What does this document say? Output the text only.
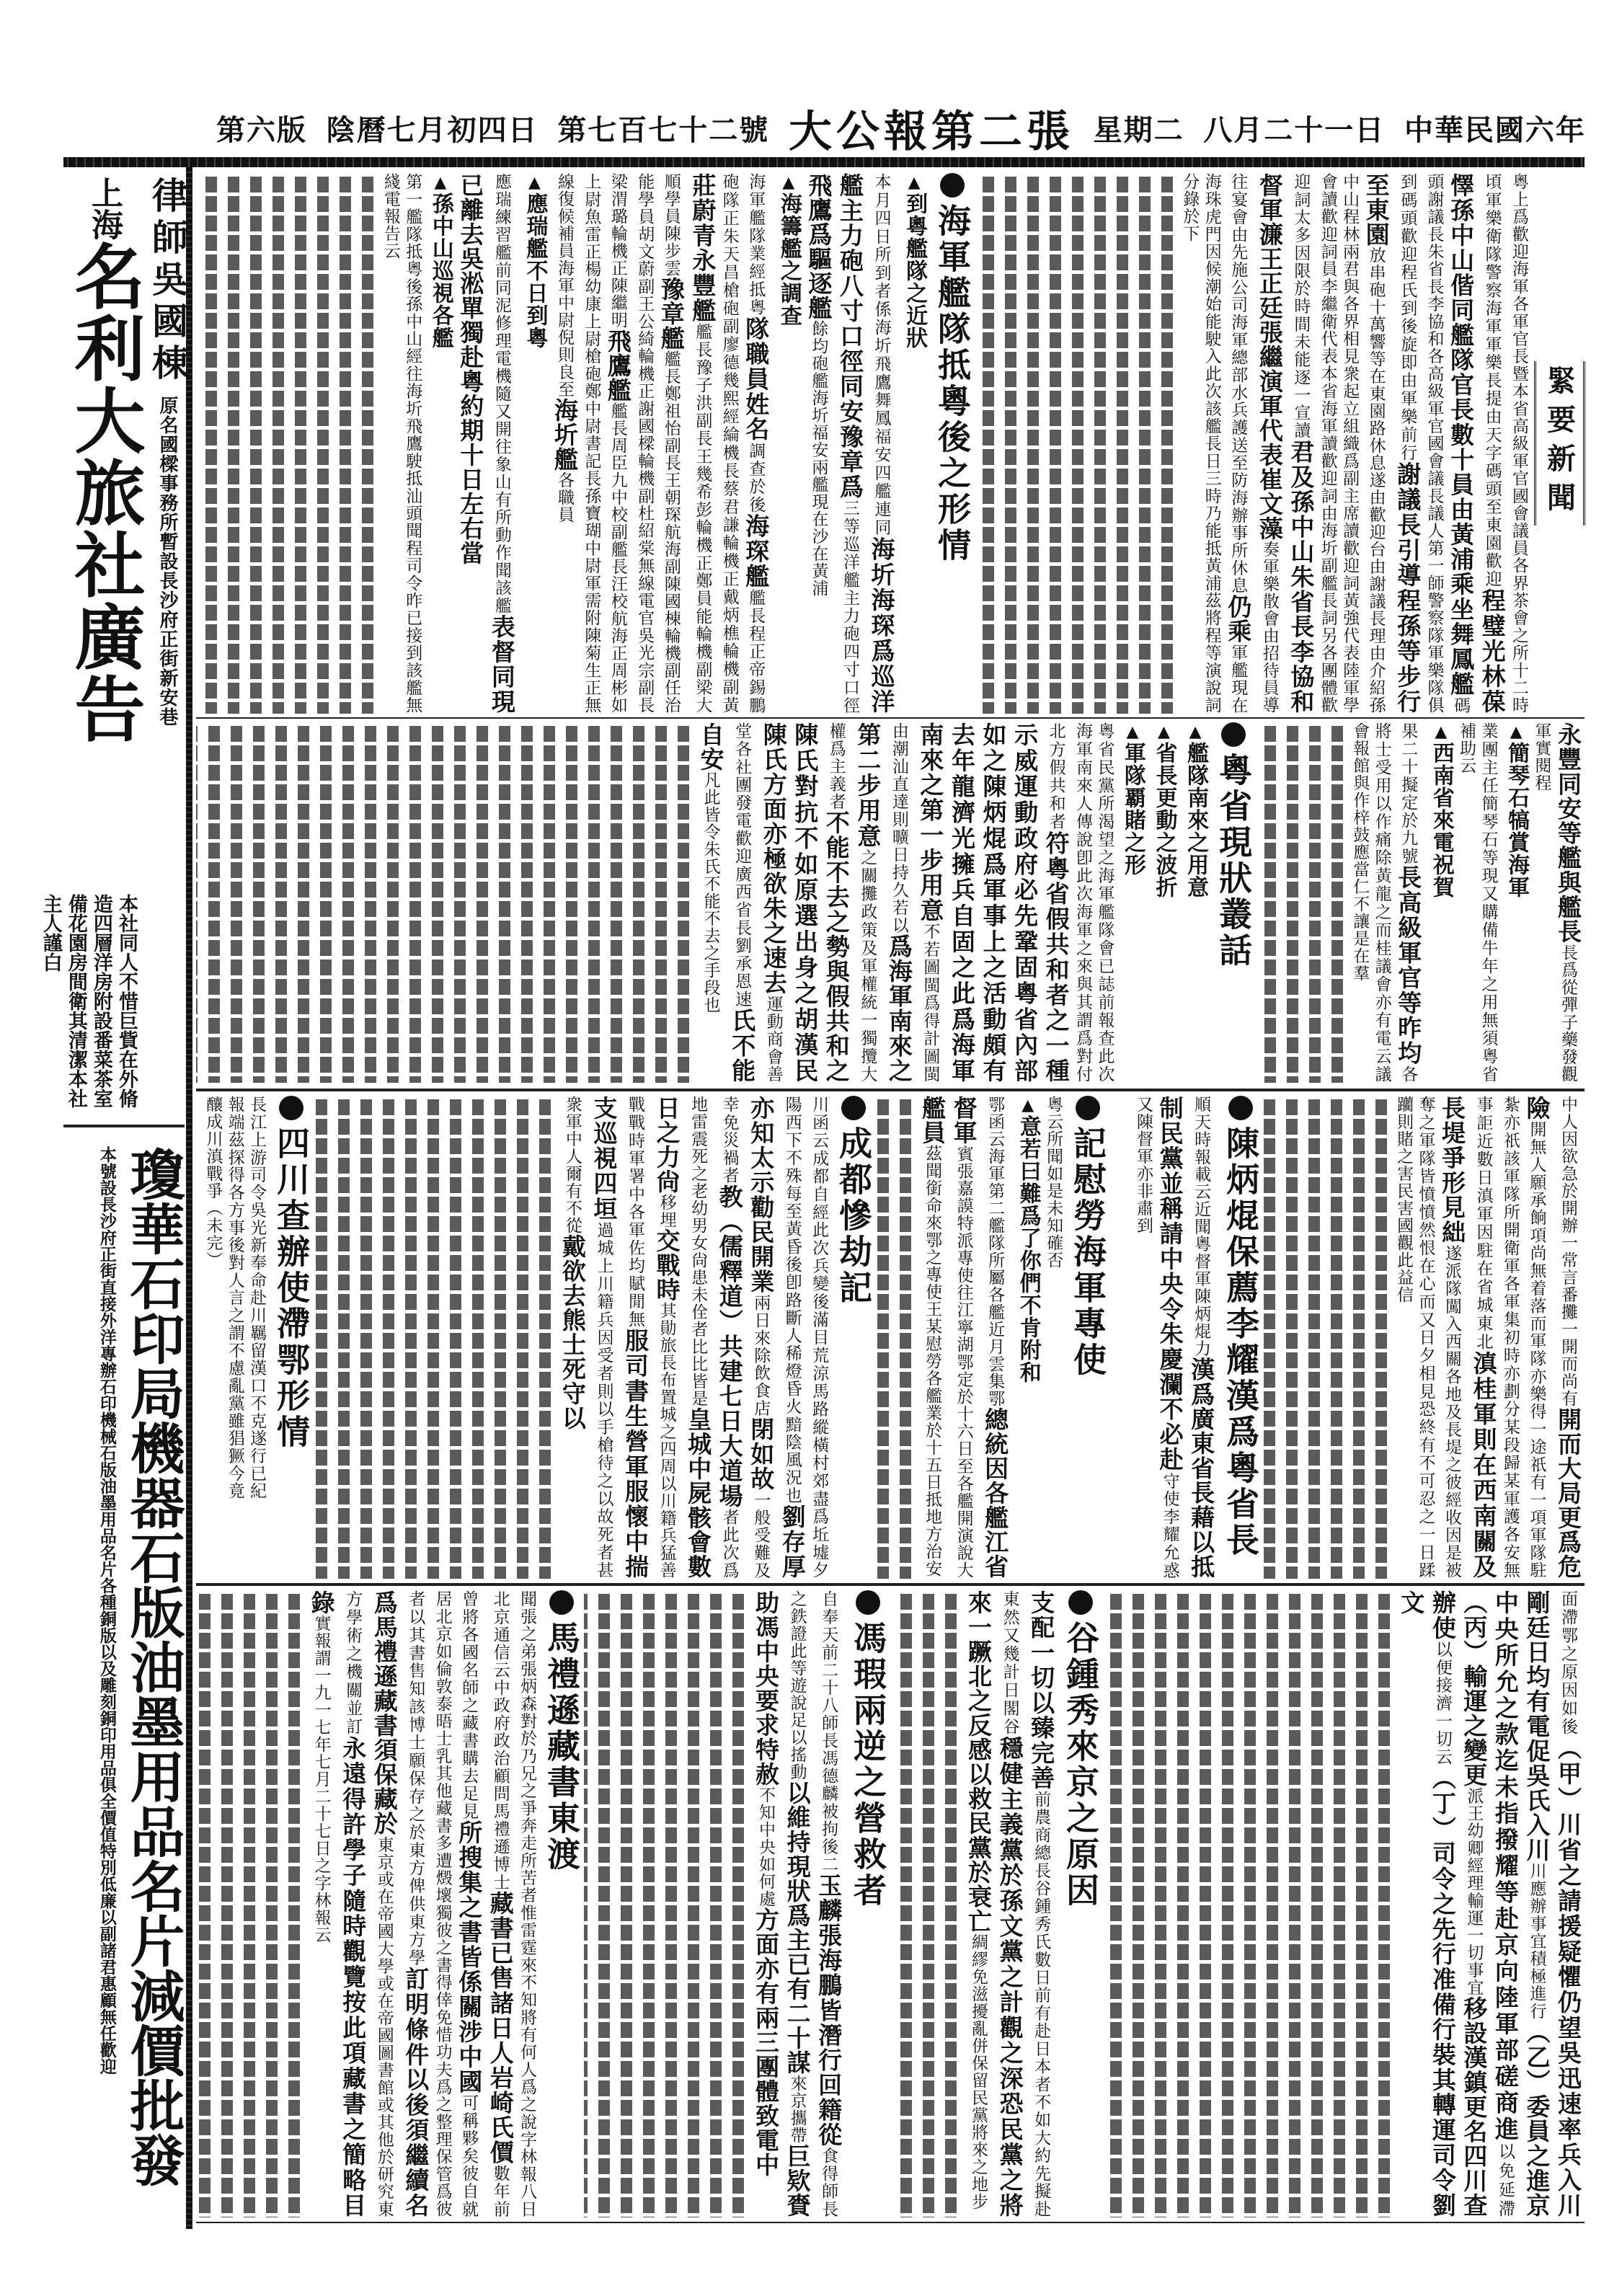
第六版 陰曆七月初四日 第七百七十二號 大公報第二張 星期二 八月二十一日 中華民國六年
律師吳國棟原名國樑事務所暫設長沙府正街新安巷
上海名利大旅社廣告
本社同人不惜巨貲在外脩造四層洋房附設番菜茶室備花園房間衛其清潔本社主人謹白
瓊華石印局機器石版油墨用品名片減價批發
本號設長沙府正街直接外洋專辦石印機械石版油墨用品名片各種銅版以及雕刻銅印用品俱全價值特別低廉以副諸君惠顧無任歡迎
緊要新聞
粵上爲歡迎海軍各軍官長暨本省高級軍官國會議員各界茶會之所十二時頃軍樂衛隊警察海軍軍樂長提由天字碼頭至東園歡迎程璧光林葆懌孫中山偕同艦隊官長數十員由黃浦乘坐舞鳳艦碼頭謝議長朱省長李協和各高級軍官國會議長議人第一師警察隊軍樂隊俱到碼頭歡迎程氏到後旋即由軍樂前行謝議長引導程孫等步行至東園放串砲十萬響等在東園路休息遂由歡迎台由謝議長理由介紹孫中山程林兩君與各界相見衆起立組織爲副主席讀歡迎詞黃強代表陸軍學會讀歡迎詞員李繼衛代表本省海軍讀歡迎詞由海圻副艦長詞另各團體歡迎詞太多因限於時間未能逐一宣讀君及孫中山朱省長李協和督軍濂王正廷張繼演軍代表崔文藻奏軍樂散會由招待員導往宴會由先施公司海軍總部水兵護送至防海辦事所休息仍乘軍艦現在海珠虎門因候潮始能駛入此次該艦長日三時乃能抵黃浦茲將程等演說詞分錄於下
海軍艦隊抵粵後之形情
▲ 到粵艦隊之近狀
本月四日所到者係海圻飛鷹舞鳳福安四艦連同海圻海琛爲巡洋艦主力砲八寸口徑同安豫章爲三等巡洋艦主力砲四寸口徑飛鷹爲驅逐艦餘均砲艦海圻福安兩艦現在沙在黃浦
▲ 海籌艦之調查
海軍艦隊業經抵粵隊職員姓名調查於後海琛艦艦長程正帝錫鵬砲隊正朱天昌槍砲副廖德幾熙經綸機長蔡君謙輪機正戴炳樵輪機副黃莊蔚青永豐艦艦長豫子洪副長王幾希彭輪機正鄭員能輪機副梁大順學員陳步雲豫章艦艦長鄭祖怡副長王朝琛航海副陳國棟輪機副任治能學員胡文蔚副王公綺輪機正謝國樑輪機副杜紹棠無線電官吳光宗副長梁渭璐輪機正陳繼明飛鷹艦艦長周臣九中校副艦長汪校航海正周彬如上尉魚雷正楊幼康上尉槍砲鄭中尉書記長孫寶瑚中尉軍需附陳菊生正無線復候補員海軍中尉倪則良至海圻艦各職員
▲ 應瑞艦不日到粵
應瑞練習艦前同泥修理電機隨又開往象山有所動作聞該艦表督同現已離去吳淞單獨赴粵約期十日左右當
▲ 孫中山巡視各艦
第一艦隊抵粵後孫中山經往海圻飛鷹駛抵汕頭聞程司令昨已接到該艦無綫電報告云
永豐同安等艦與艦長長爲從彈子藥發觀軍實閱程
▲ 簡琴石犒賞海軍
業團主任簡琴石等現又購備牛年之用無須粵省補助云
▲ 西南省來電祝賀
果二十擬定於九號長高級軍官等昨均各將士受用以作痛除黃龍之而桂議會亦有電云議會報館與作梓鼓應當仁不讓是在羣
粵省現狀叢話
▲ 艦隊南來之用意
▲ 省長更動之波折
▲ 軍隊覇賭之形
粵省民黨所渴望之海軍艦隊會已誌前報查此次海軍南來人傳說卽此次海軍之來與其謂爲對付北方假共和者符粵省假共和者之一種示威運動政府必先鞏固粵省內部如之陳炳焜爲軍事上之活動頗有去年龍濟光擁兵自固之此爲海軍南來之第一步用意不若圖閩爲得計圖閩由潮汕直達則曠日持久若以爲海軍南來之第二步用意之關攤政策及軍權統一獨攬大權爲主義者不能不去之勢與假共和之陳氏對抗不如原選出身之胡漢民陳氏方面亦極欲朱之速去運動商會善堂各社團發電歡迎廣西省長劉承恩速氏不能自安凡此皆令朱氏不能不去之手段也
中人因欲急於開辦一常言番攤一開而尚有開而大局更爲危險開無人願承餉項尚無着落而軍隊亦樂得一途祇有一項軍隊駐紮亦祇該軍隊所開衛軍各軍集初時亦劃分某段歸某軍護各安無事詎近數日滇軍因駐在省城東北滇桂軍則在西南關及長堤爭形見絀遂派隊闖入西關各地及長堤之彼經收因是被奪之軍隊皆憤憤然恨在心而又日夕相見恐終有不可忍之一日蹂躪則賭之害民害國觀此益信
陳炳焜保薦李耀漢爲粵省長
順天時報載云近聞粵督軍陳炳焜力漢爲廣東省長藉以抵制民黨並稱請中央令朱慶瀾不必赴守使李耀允惑又陳督軍亦非肅到
記慰勞海軍專使
粵云所聞如是未知確否
▲ 意若曰難爲了你們不肯附和
鄂函云海軍第二艦隊所屬各艦近月雲集鄂總統因各艦江省督軍賓張嘉謨特派專使往江寧湖鄂定於十六日至各艦開演說大艦員茲聞銜命來鄂之專使王某慰勞各艦業於十五日抵地方治安
成都慘劫記
川函云成都自經此次兵變後滿目荒涼馬路縱橫村郊盡爲坵墟夕陽西下不殊每至黃昏後卽路斷人稀燈昏火黯陰風況也劉存厚亦知太示勸民開業兩日來除飲食店閉如故一般受難及幸免災禍者教（儒釋道）共建七日大道場者此次爲地雷震死之老幼男女尙患未佺者比比皆是皇城中屍骸會數日之力尙移埋交戰時其勛旅長布置城之四周以川籍兵猛善戰戰時軍署中各軍佐均賦閒無服司書生營軍服懷中揣支巡視四垣過城上川籍兵因受者則以手槍待之以故死者甚衆軍中人爾有不從戴欲去熊士死守以
四川查辦使滯鄂形情
長江上游司令吳光新奉命赴川羈留漢口不克遂行已紀報端茲探得各方事後對人言之謂不慮亂黨雖猖獗今竟釀成川滇戰爭（未完）
面滯鄂之原因如後（甲）川省之請援疑懼仍望吳迅速率兵入川剛廷日均有電促吳氏入川川應辦事宜積極進行（乙）委員之進京中央所允之款迄未指撥耀等赴京向陸軍部磋商進以免延滯（丙）輸運之變更派王幼卿經理輸運一切事宜移設漢鎮更名四川查辦使以便接濟一切云（丁）司令之先行准備行裝其轉運司令劉文
谷鍾秀來京之原因
支配一切以臻完善前農商總長谷鍾秀氏數日前有赴日本者不如大約先擬赴東然又幾計日閣谷穩健主義黨於孫文黨之計觀之深恐民黨之將來一蹶北之反感以救民黨於衰亡綢繆免滋擾亂併保留民黨將來之地步
馮瑕兩逆之營救者
自奉天前二十八師長馮德麟被拘後二玉麟張海鵬皆潛行回籍從食得師長之鉄證此等遊說足以搖動以維持現狀爲主已有二十謀來京攜帶巨欵賚助馮中央要求特赦不知中央如何處方面亦有兩三團體致電中
馬禮遜藏書東渡
聞張之弟張炳森對於乃兄之爭奔走所苦者惟雷霆來不知將有何人爲之說字林報八日北京通信云中政府政治顧問馬禮遜博士藏書已售諸日人岩崎氏價數年前曾將各國名師之藏書購去足見所搜集之書皆係關涉中國可稱夥矣彼自就居北京如倫敦泰晤士乳其他藏書多遭燬壞獨彼之書得倖免惜功夫爲之整理保管爲彼者以其書售知該博士願保存之於東方俾供東方學訂明條件以後須繼續名爲馬禮遜藏書須保藏於東京或在帝國大學或在帝國圖書館或其他於研究東方學術之機關並訂永遠得許學子隨時觀覽按此項藏書之簡略目錄實報謂一九一七年七月二十七日之字林報云
